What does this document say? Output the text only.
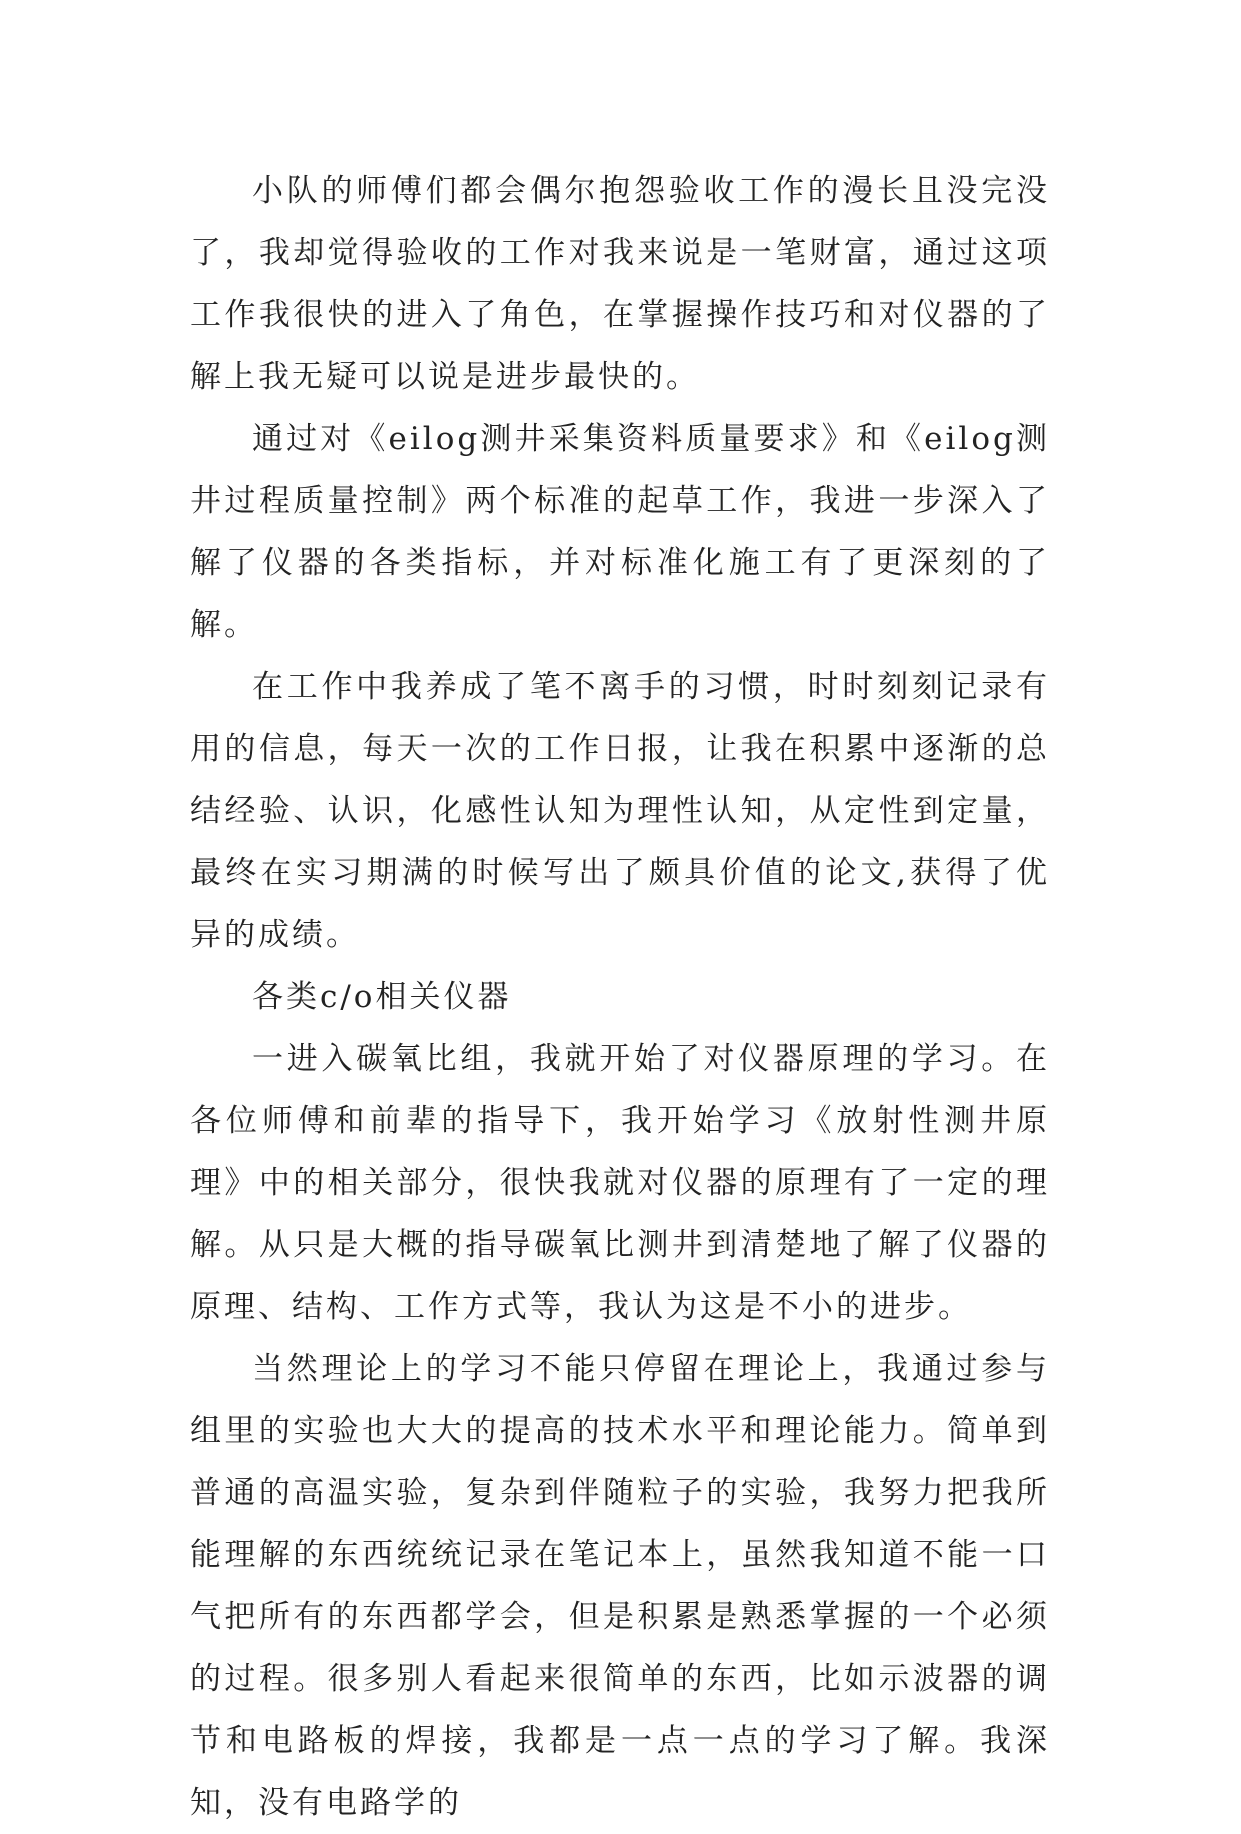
小队的师傅们都会偶尔抱怨验收工作的漫长且没完没了，我却觉得验收的工作对我来说是一笔财富，通过这项工作我很快的进入了角色，在掌握操作技巧和对仪器的了解上我无疑可以说是进步最快的。

通过对《eilog测井采集资料质量要求》和《eilog测井过程质量控制》两个标准的起草工作，我进一步深入了解了仪器的各类指标，并对标准化施工有了更深刻的了解。

在工作中我养成了笔不离手的习惯，时时刻刻记录有用的信息，每天一次的工作日报，让我在积累中逐渐的总结经验、认识，化感性认知为理性认知，从定性到定量，最终在实习期满的时候写出了颇具价值的论文,获得了优异的成绩。

各类c/o相关仪器

一进入碳氧比组，我就开始了对仪器原理的学习。在各位师傅和前辈的指导下，我开始学习《放射性测井原理》中的相关部分，很快我就对仪器的原理有了一定的理解。从只是大概的指导碳氧比测井到清楚地了解了仪器的原理、结构、工作方式等，我认为这是不小的进步。

当然理论上的学习不能只停留在理论上，我通过参与组里的实验也大大的提高的技术水平和理论能力。简单到普通的高温实验，复杂到伴随粒子的实验，我努力把我所能理解的东西统统记录在笔记本上，虽然我知道不能一口气把所有的东西都学会，但是积累是熟悉掌握的一个必须的过程。很多别人看起来很简单的东西，比如示波器的调节和电路板的焊接，我都是一点一点的学习了解。我深知，没有电路学的
